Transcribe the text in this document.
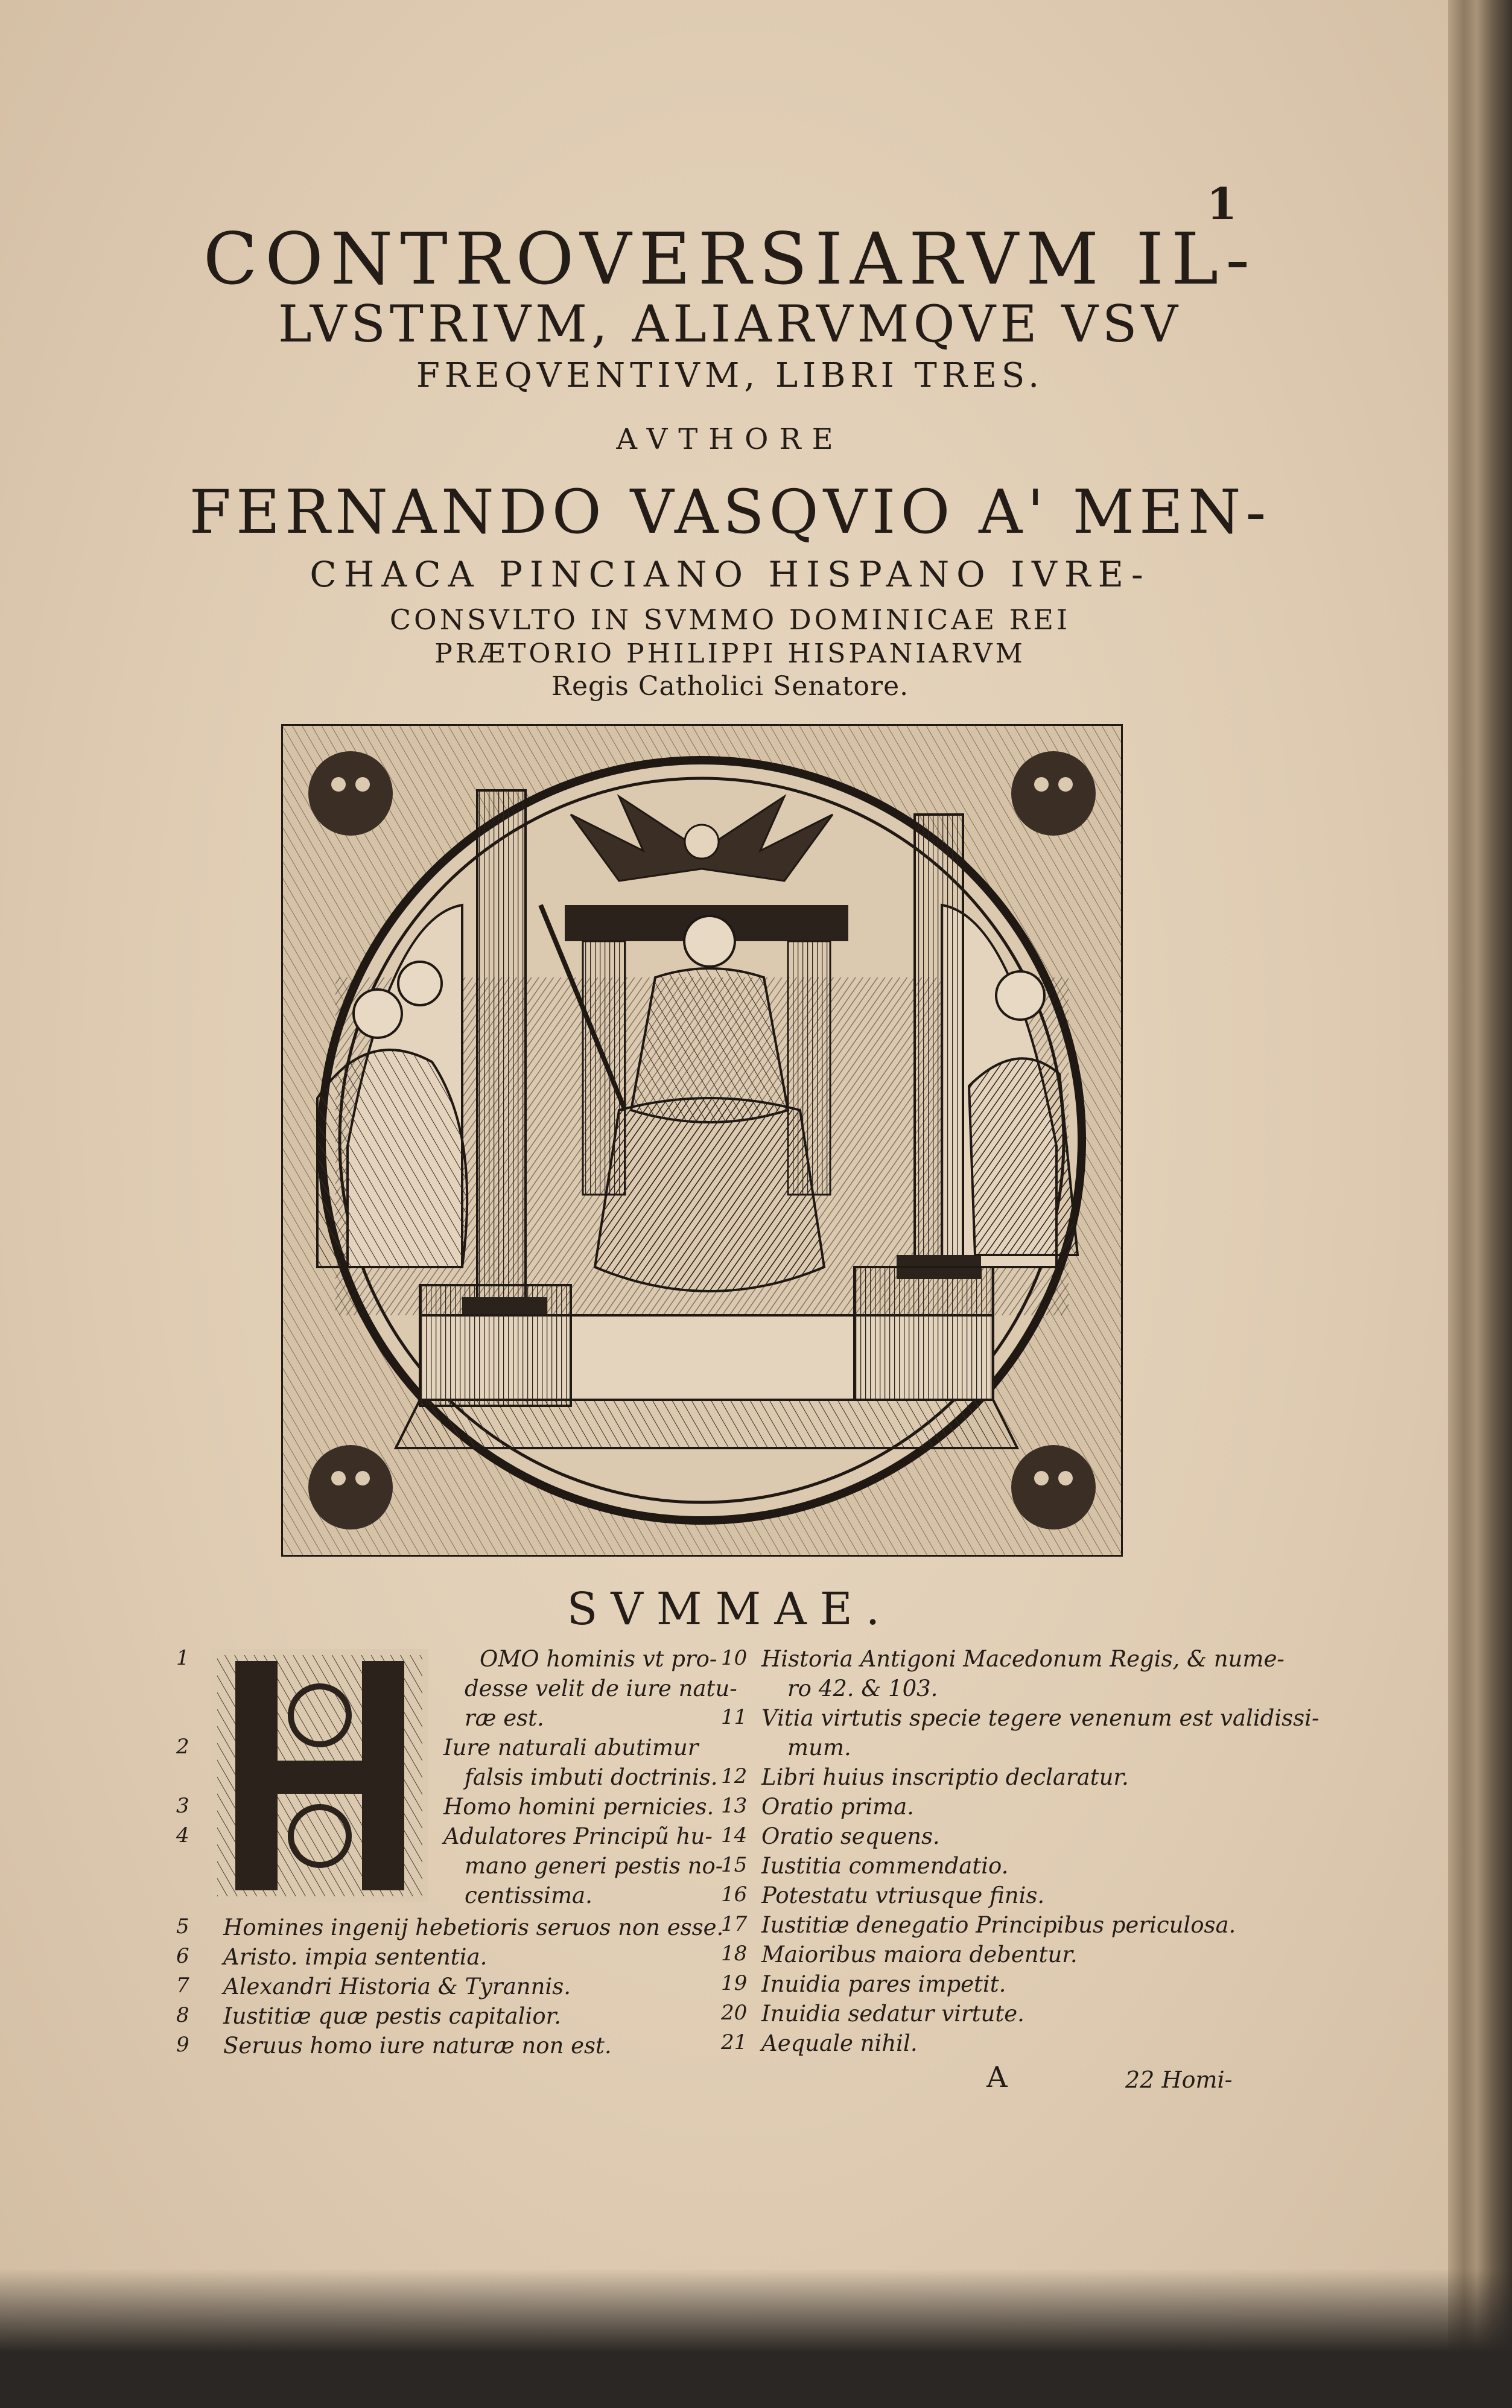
1
CONTROVERSIARVM IL-
LVSTRIVM, ALIARVMQVE VSV
FREQVENTIVM, LIBRI TRES.
AVTHORE
FERNANDO VASQVIO A' MEN-
CHACA PINCIANO HISPANO IVRE-
CONSVLTO IN SVMMO DOMINICAE REI
PRÆTORIO PHILIPPI HISPANIARVM
Regis Catholici Senatore.
SVMMAE.
1	OMO hominis vt pro-
desse velit de iure natu-
ræ est.
2	Iure naturali abutimur
falsis imbuti doctrinis.
3	Homo homini pernicies.
4	Adulatores Principũ hu-
mano generi pestis no-
centissima.
5 Homines ingenij hebetioris seruos non esse.
6 Aristo. impia sententia.
7 Alexandri Historia & Tyrannis.
8 Iustitiæ quæ pestis capitalior.
9 Seruus homo iure naturæ non est.
10 Historia Antigoni Macedonum Regis, & nume-
ro 42. & 103.
11 Vitia virtutis specie tegere venenum est validissi-
mum.
12 Libri huius inscriptio declaratur.
13 Oratio prima.
14 Oratio sequens.
15 Iustitia commendatio.
16 Potestatu vtriusque finis.
17 Iustitiæ denegatio Principibus periculosa.
18 Maioribus maiora debentur.
19 Inuidia pares impetit.
20 Inuidia sedatur virtute.
21 Aequale nihil.
A	22 Homi-
